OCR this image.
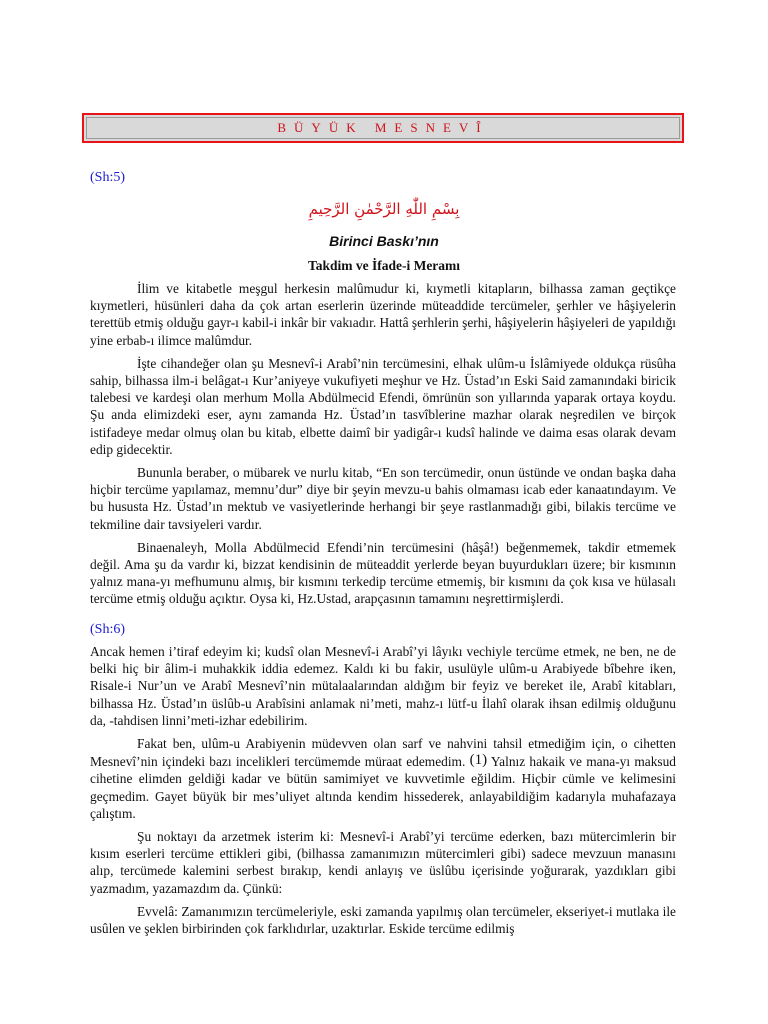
BÜYÜK MESNEVÎ
(Sh:5)
بِسْمِ اللّٰهِ الرَّحْمٰنِ الرَّحِيمِ
Birinci Baskı’nın
Takdim ve İfade-i Meramı

İlim ve kitabetle meşgul herkesin malûmudur ki, kıymetli kitapların, bilhassa zaman geçtikçe kıymetleri, hüsünleri daha da çok artan eserlerin üzerinde müteaddide tercümeler, şerhler ve hâşiyelerin terettüb etmiş olduğu gayr-ı kabil-i inkâr bir vakıadır. Hattâ şerhlerin şerhi, hâşiyelerin hâşiyeleri de yapıldığı yine erbab-ı ilimce malûmdur.

İşte cihandeğer olan şu Mesnevî-i Arabî’nin tercümesini, elhak ulûm-u İslâmiyede oldukça rüsûha sahip, bilhassa ilm-i belâgat-ı Kur’aniyeye vukufiyeti meşhur ve Hz. Üstad’ın Eski Said zamanındaki biricik talebesi ve kardeşi olan merhum Molla Abdülmecid Efendi, ömrünün son yıllarında yaparak ortaya koydu. Şu anda elimizdeki eser, aynı zamanda Hz. Üstad’ın tasvîblerine mazhar olarak neşredilen ve birçok istifadeye medar olmuş olan bu kitab, elbette daimî bir yadigâr-ı kudsî halinde ve daima esas olarak devam edip gidecektir.

Bununla beraber, o mübarek ve nurlu kitab, “En son tercümedir, onun üstünde ve ondan başka daha hiçbir tercüme yapılamaz, memnu’dur” diye bir şeyin mevzu-u bahis olmaması icab eder kanaatındayım. Ve bu hususta Hz. Üstad’ın mektub ve vasiyetlerinde herhangi bir şeye rastlanmadığı gibi, bilakis tercüme ve tekmiline dair tavsiyeleri vardır.

Binaenaleyh, Molla Abdülmecid Efendi’nin tercümesini (hâşâ!) beğenmemek, takdir etmemek değil. Ama şu da vardır ki, bizzat kendisinin de müteaddit yerlerde beyan buyurdukları üzere; bir kısmının yalnız mana-yı mefhumunu almış, bir kısmını terkedip tercüme etmemiş, bir kısmını da çok kısa ve hülasalı tercüme etmiş olduğu açıktır. Oysa ki, Hz.Ustad, arapçasının tamamını neşrettirmişlerdi.

(Sh:6)

Ancak hemen i’tiraf edeyim ki; kudsî olan Mesnevî-i Arabî’yi lâyıkı vechiyle tercüme etmek, ne ben, ne de belki hiç bir âlim-i muhakkik iddia edemez. Kaldı ki bu fakir, usulüyle ulûm-u Arabiyede bîbehre iken, Risale-i Nur’un ve Arabî Mesnevî’nin mütalaalarından aldığım bir feyiz ve bereket ile, Arabî kitabları, bilhassa Hz. Üstad’ın üslûb-u Arabîsini anlamak ni’meti, mahz-ı lütf-u İlahî olarak ihsan edilmiş olduğunu da, -tahdisen linni’meti-izhar edebilirim.

Fakat ben, ulûm-u Arabiyenin müdevven olan sarf ve nahvini tahsil etmediğim için, o cihetten Mesnevî’nin içindeki bazı incelikleri tercümemde müraat edemedim. (1) Yalnız hakaik ve mana-yı maksud cihetine elimden geldiği kadar ve bütün samimiyet ve kuvvetimle eğildim. Hiçbir cümle ve kelimesini geçmedim. Gayet büyük bir mes’uliyet altında kendim hissederek, anlayabildiğim kadarıyla muhafazaya çalıştım.

Şu noktayı da arzetmek isterim ki: Mesnevî-i Arabî’yi tercüme ederken, bazı mütercimlerin bir kısım eserleri tercüme ettikleri gibi, (bilhassa zamanımızın mütercimleri gibi) sadece mevzuun manasını alıp, tercümede kalemini serbest bırakıp, kendi anlayış ve üslûbu içerisinde yoğurarak, yazdıkları gibi yazmadım, yazamazdım da. Çünkü:

Evvelâ: Zamanımızın tercümeleriyle, eski zamanda yapılmış olan tercümeler, ekseriyet-i mutlaka ile usûlen ve şeklen birbirinden çok farklıdırlar, uzaktırlar. Eskide tercüme edilmiş
